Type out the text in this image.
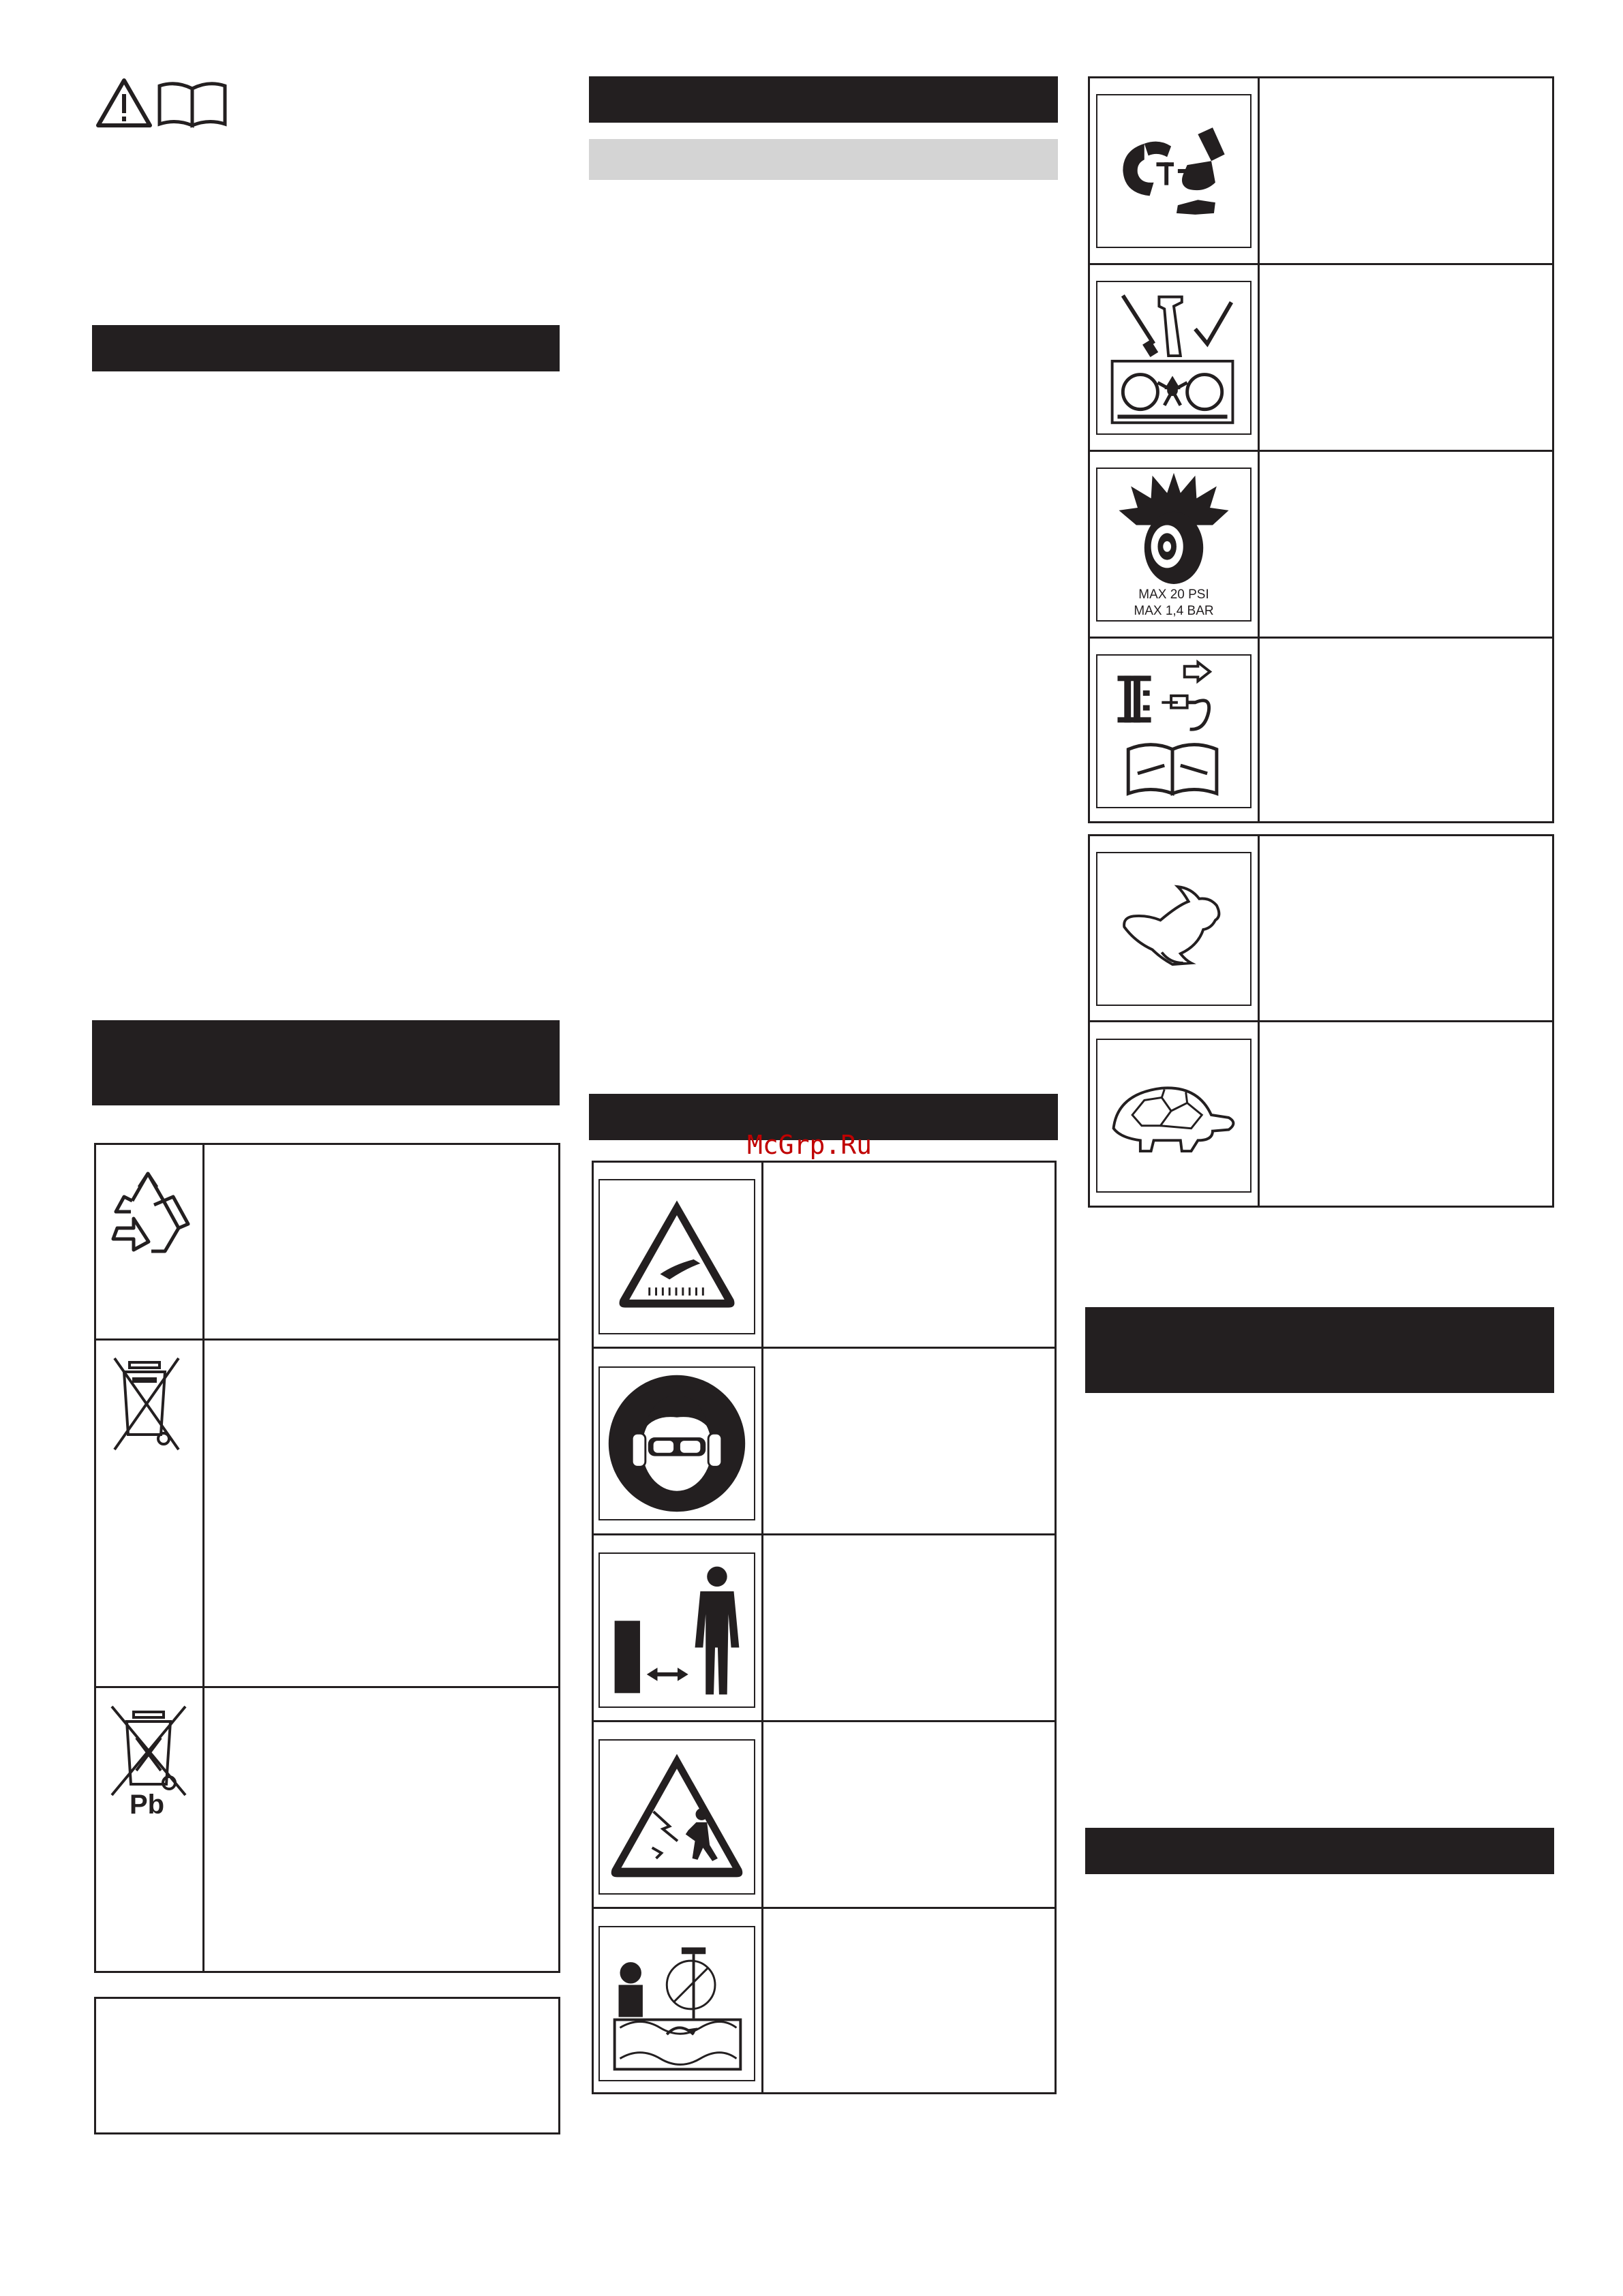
Pb
McGrp.Ru
MAX 20 PSI
MAX 1,4 BAR
